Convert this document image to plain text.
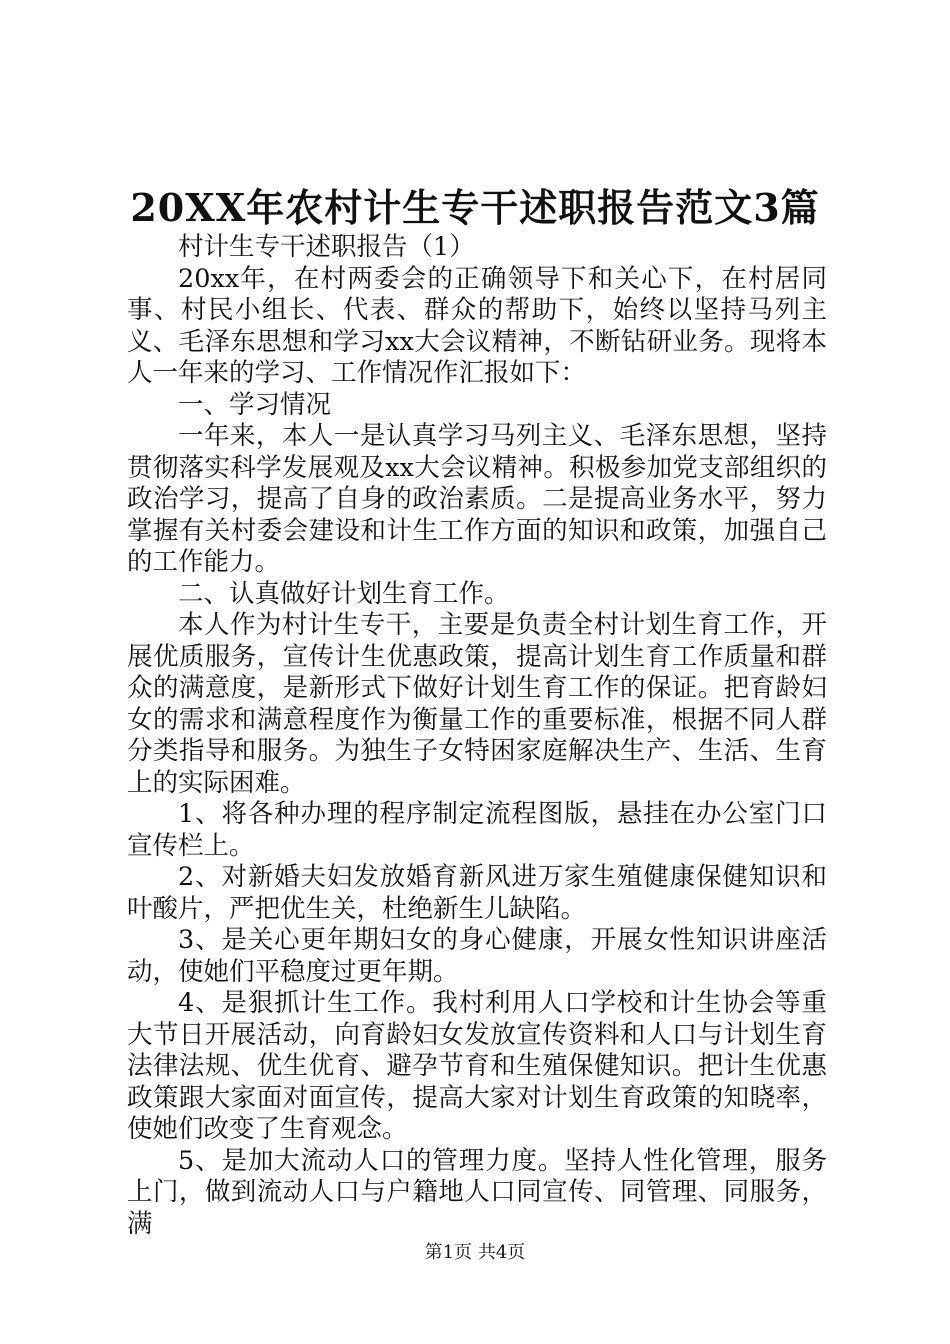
20XX年农村计生专干述职报告范文3篇

村计生专干述职报告（1）

20xx年，在村两委会的正确领导下和关心下，在村居同事、村民小组长、代表、群众的帮助下，始终以坚持马列主义、毛泽东思想和学习xx大会议精神，不断钻研业务。现将本人一年来的学习、工作情况作汇报如下：

一、学习情况

一年来，本人一是认真学习马列主义、毛泽东思想，坚持贯彻落实科学发展观及xx大会议精神。积极参加党支部组织的政治学习，提高了自身的政治素质。二是提高业务水平，努力掌握有关村委会建设和计生工作方面的知识和政策，加强自己的工作能力。

二、认真做好计划生育工作。

本人作为村计生专干，主要是负责全村计划生育工作，开展优质服务，宣传计生优惠政策，提高计划生育工作质量和群众的满意度，是新形式下做好计划生育工作的保证。把育龄妇女的需求和满意程度作为衡量工作的重要标准，根据不同人群分类指导和服务。为独生子女特困家庭解决生产、生活、生育上的实际困难。

1、将各种办理的程序制定流程图版，悬挂在办公室门口宣传栏上。

2、对新婚夫妇发放婚育新风进万家生殖健康保健知识和叶酸片，严把优生关，杜绝新生儿缺陷。

3、是关心更年期妇女的身心健康，开展女性知识讲座活动，使她们平稳度过更年期。

4、是狠抓计生工作。我村利用人口学校和计生协会等重大节日开展活动，向育龄妇女发放宣传资料和人口与计划生育法律法规、优生优育、避孕节育和生殖保健知识。把计生优惠政策跟大家面对面宣传，提高大家对计划生育政策的知晓率，使她们改变了生育观念。

5、是加大流动人口的管理力度。坚持人性化管理，服务上门，做到流动人口与户籍地人口同宣传、同管理、同服务，满

第1页 共4页
